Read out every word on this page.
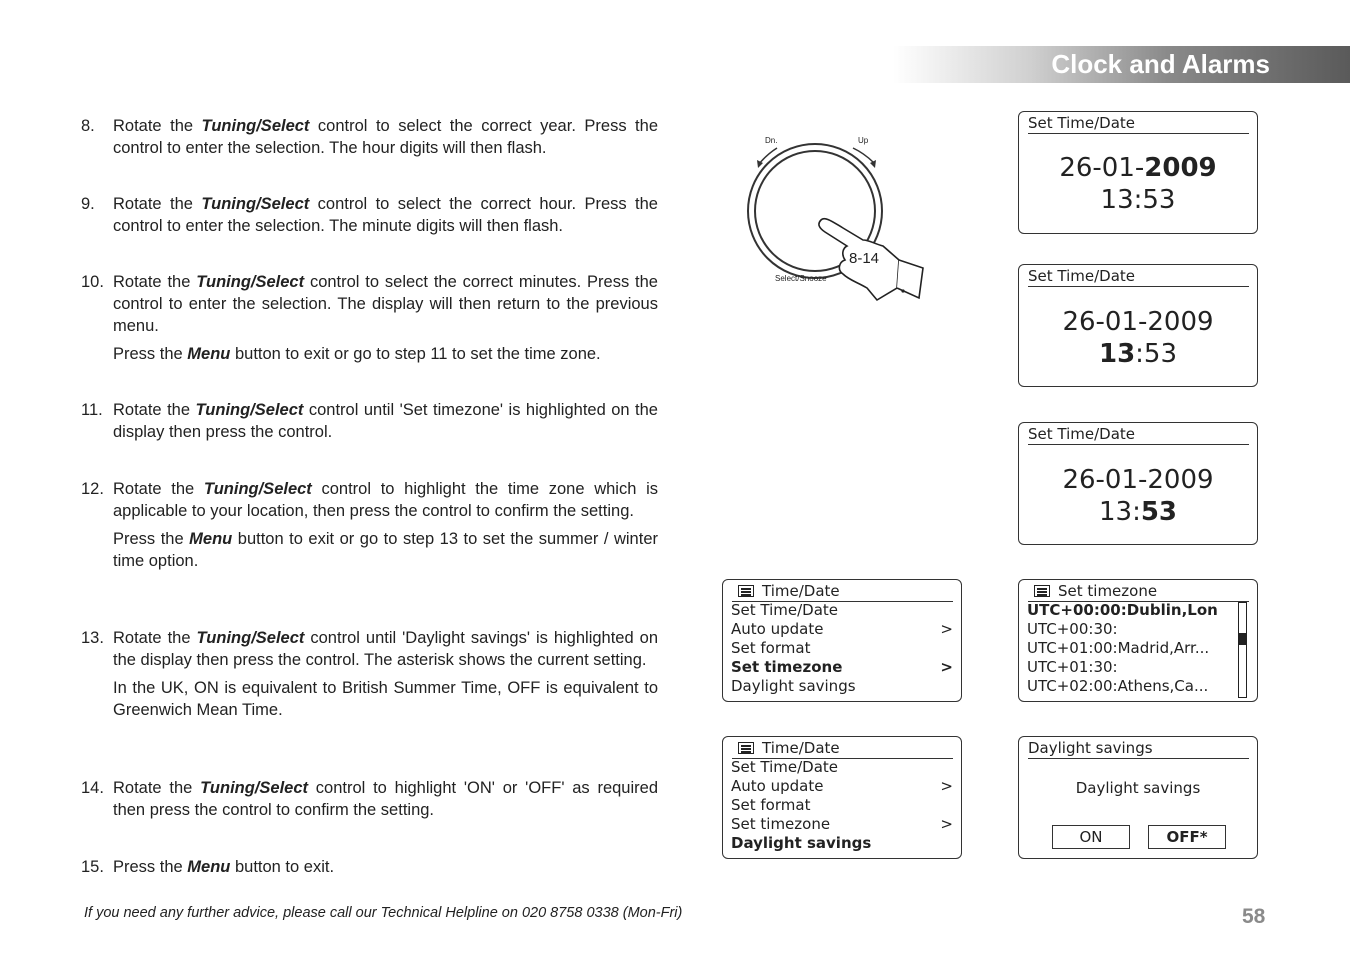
Clock and Alarms
8.	Rotate the Tuning/Select control to select the correct year. Press the control to enter the selection. The hour digits will then flash.

9.	Rotate the Tuning/Select control to select the correct hour. Press the control to enter the selection. The minute digits will then flash.

10. Rotate the Tuning/Select control to select the correct minutes. Press the control to enter the selection. The display will then return to the previous menu.

Press the Menu button to exit or go to step 11 to set the time zone.

11. Rotate the Tuning/Select control until 'Set timezone' is highlighted on the display then press the control.

12. Rotate the Tuning/Select control to highlight the time zone which is applicable to your location, then press the control to confirm the setting.

Press the Menu button to exit or go to step 13 to set the summer / winter time option.

13. Rotate the Tuning/Select control until 'Daylight savings' is highlighted on the display then press the control. The asterisk shows the current setting.

In the UK, ON is equivalent to British Summer Time, OFF is equivalent to Greenwich Mean Time.

14. Rotate the Tuning/Select control to highlight 'ON' or 'OFF' as required then press the control to confirm the setting.

15. Press the Menu button to exit.

Dn.	Up
Select/Snooze
8-14
Set Time/Date
26-01-2009
13:53
Set Time/Date
26-01-2009
13:53
Set Time/Date
26-01-2009
13:53
Time/Date
Set Time/Date
Auto update	>
Set format
Set timezone	>
Daylight savings
Set timezone
UTC+00:00:Dublin,Lon
UTC+00:30:
UTC+01:00:Madrid,Arr...
UTC+01:30:
UTC+02:00:Athens,Ca...
Time/Date
Set Time/Date
Auto update	>
Set format
Set timezone	>
Daylight savings
Daylight savings
Daylight savings
ON	OFF*
If you need any further advice, please call our Technical Helpline on 020 8758 0338 (Mon-Fri)	58
